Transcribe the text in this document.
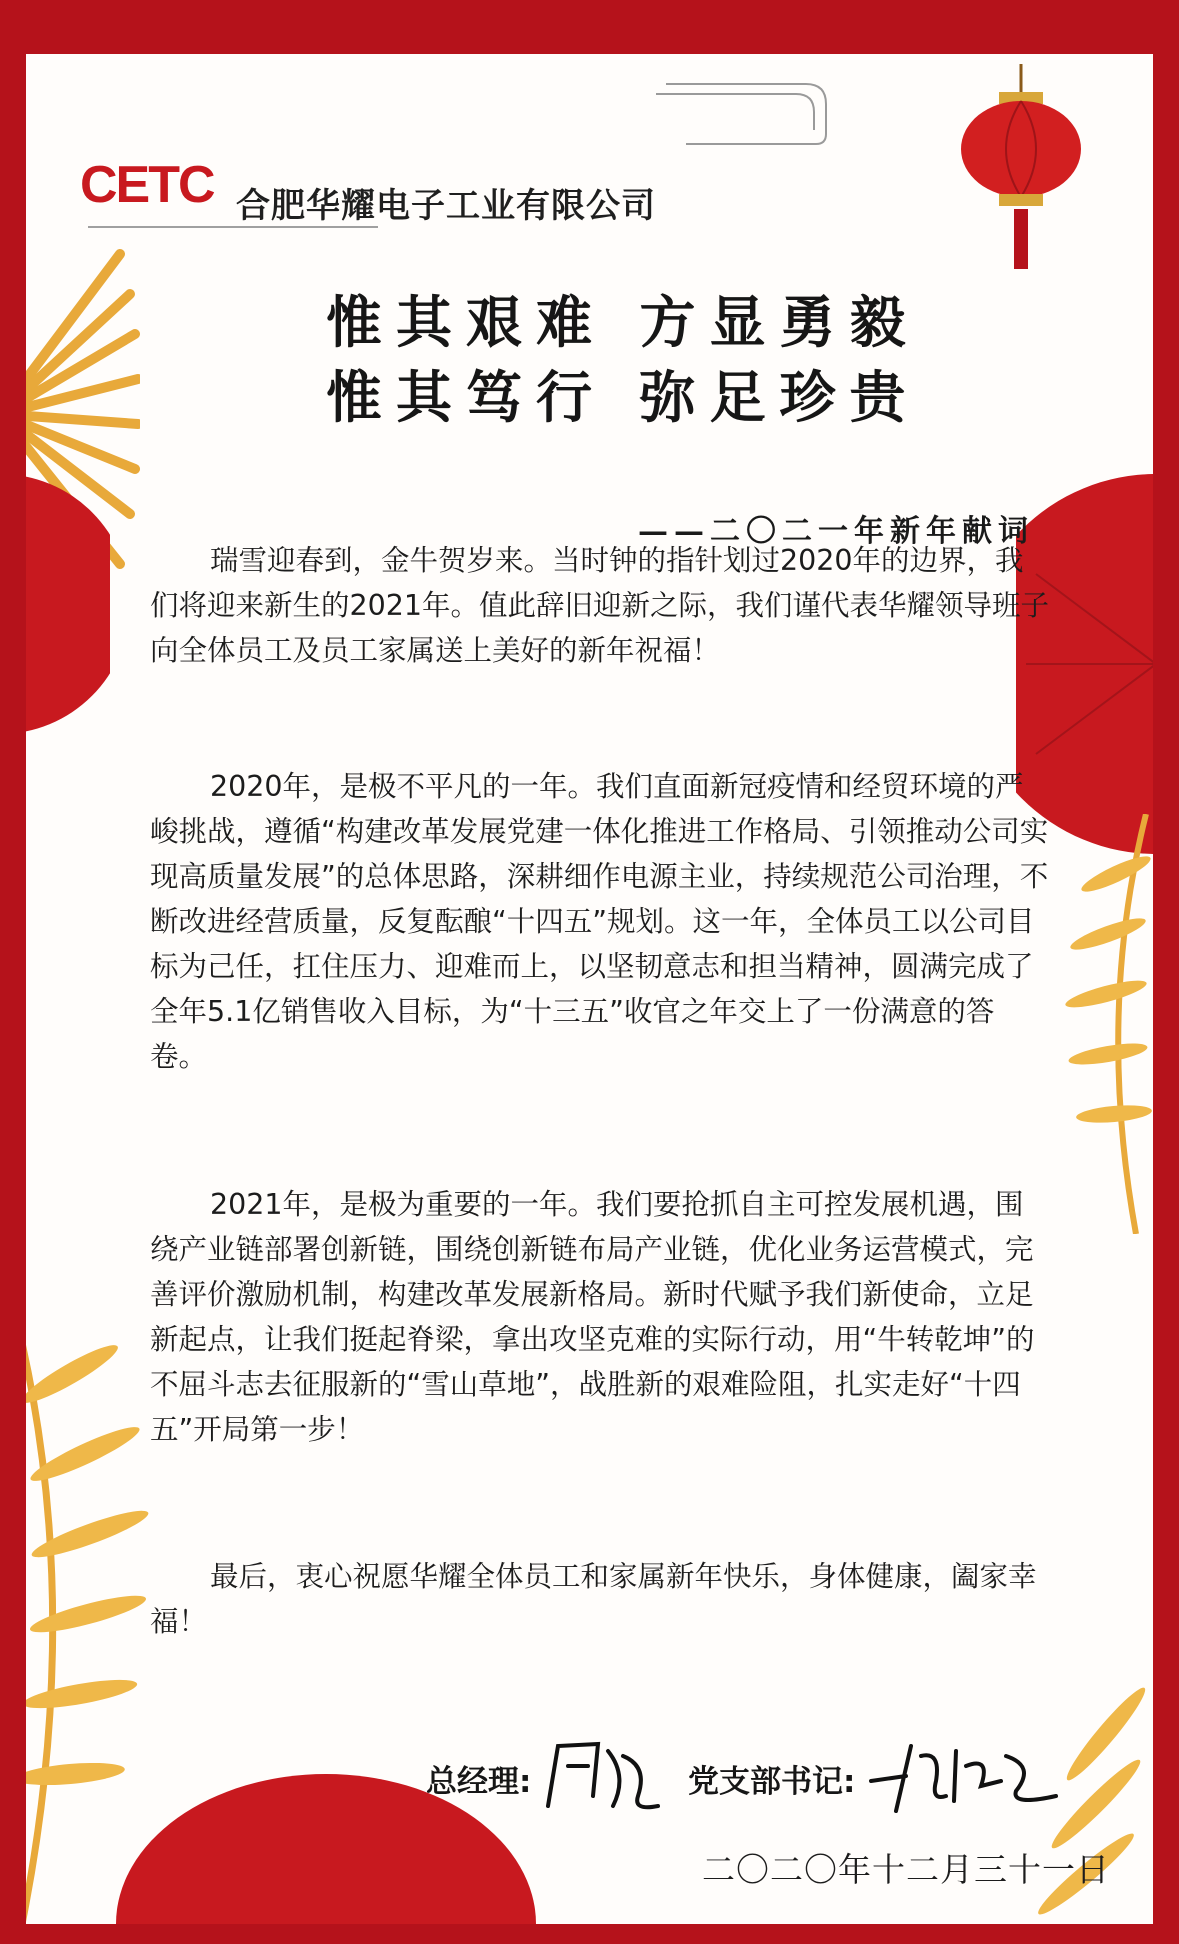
CETC 合肥华耀电子工业有限公司
惟其艰难 方显勇毅
惟其笃行 弥足珍贵
——二〇二一年新年献词

瑞雪迎春到，金牛贺岁来。当时钟的指针划过2020年的边界，我们将迎来新生的2021年。值此辞旧迎新之际，我们谨代表华耀领导班子向全体员工及员工家属送上美好的新年祝福！

2020年，是极不平凡的一年。我们直面新冠疫情和经贸环境的严峻挑战，遵循“构建改革发展党建一体化推进工作格局、引领推动公司实现高质量发展”的总体思路，深耕细作电源主业，持续规范公司治理，不断改进经营质量，反复酝酿“十四五”规划。这一年，全体员工以公司目标为己任，扛住压力、迎难而上，以坚韧意志和担当精神，圆满完成了全年5.1亿销售收入目标，为“十三五”收官之年交上了一份满意的答卷。

2021年，是极为重要的一年。我们要抢抓自主可控发展机遇，围绕产业链部署创新链，围绕创新链布局产业链，优化业务运营模式，完善评价激励机制，构建改革发展新格局。新时代赋予我们新使命，立足新起点，让我们挺起脊梁，拿出攻坚克难的实际行动，用“牛转乾坤”的不屈斗志去征服新的“雪山草地”，战胜新的艰难险阻，扎实走好“十四五”开局第一步！

最后，衷心祝愿华耀全体员工和家属新年快乐，身体健康，阖家幸福！

总经理:	党支部书记:
二〇二〇年十二月三十一日
